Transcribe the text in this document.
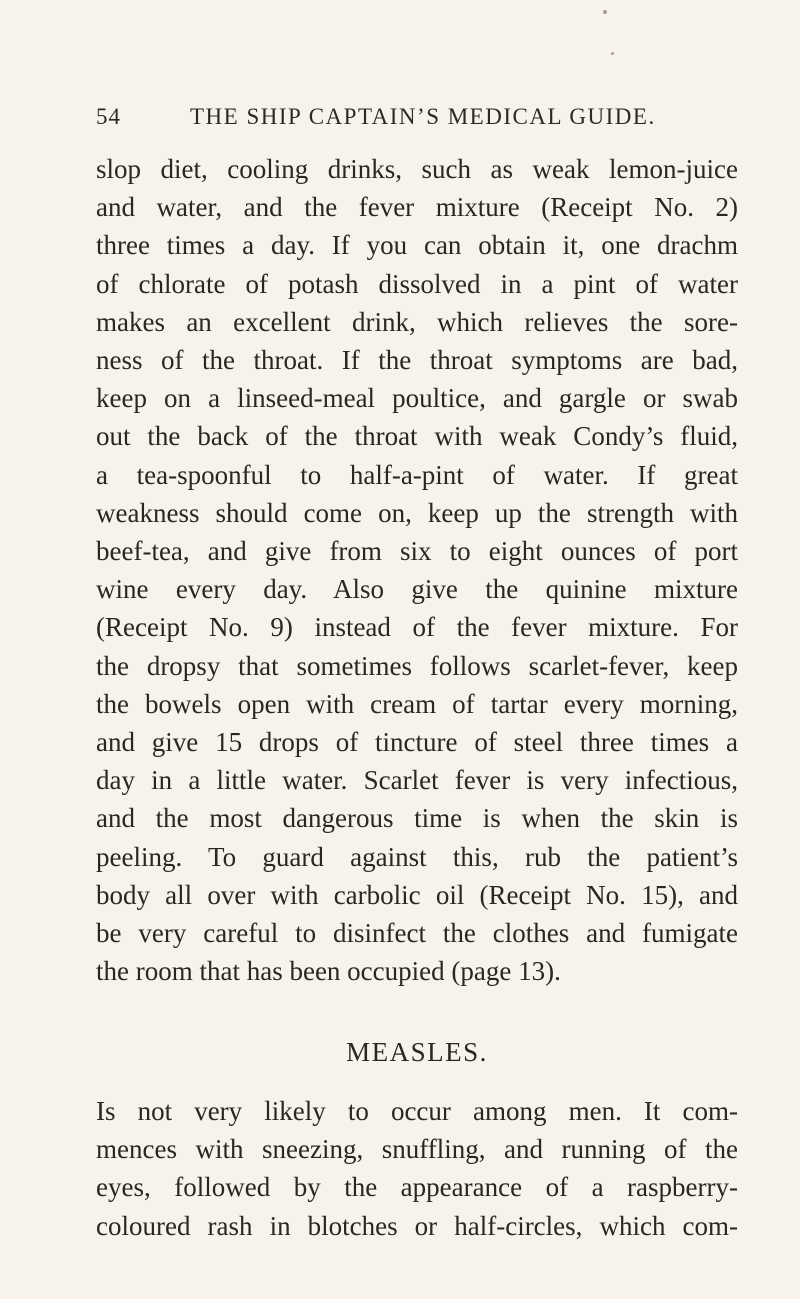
54	THE SHIP CAPTAIN’S MEDICAL GUIDE.
slop diet, cooling drinks, such as weak lemon-juice
and water, and the fever mixture (Receipt No. 2)
three times a day. If you can obtain it, one drachm
of chlorate of potash dissolved in a pint of water
makes an excellent drink, which relieves the sore-
ness of the throat. If the throat symptoms are bad,
keep on a linseed-meal poultice, and gargle or swab
out the back of the throat with weak Condy’s fluid,
a tea-spoonful to half-a-pint of water. If great
weakness should come on, keep up the strength with
beef-tea, and give from six to eight ounces of port
wine every day. Also give the quinine mixture
(Receipt No. 9) instead of the fever mixture. For
the dropsy that sometimes follows scarlet-fever, keep
the bowels open with cream of tartar every morning,
and give 15 drops of tincture of steel three times a
day in a little water. Scarlet fever is very infectious,
and the most dangerous time is when the skin is
peeling. To guard against this, rub the patient’s
body all over with carbolic oil (Receipt No. 15), and
be very careful to disinfect the clothes and fumigate
the room that has been occupied (page 13).
MEASLES.
Is not very likely to occur among men. It com-
mences with sneezing, snuffling, and running of the
eyes, followed by the appearance of a raspberry-
coloured rash in blotches or half-circles, which com-
